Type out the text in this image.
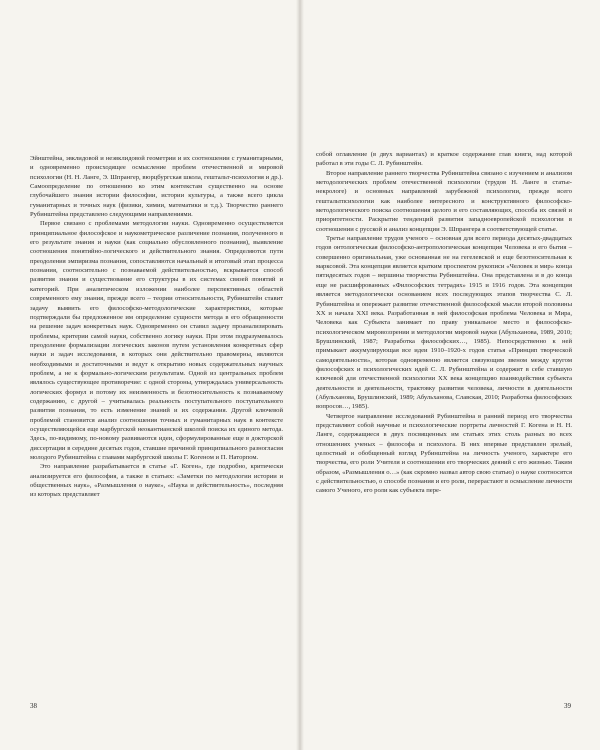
Эйнштейна, эвклидовой и неэвклидовой геометрии и их соотношении с гуманитарными, и одновременно происходящее осмысление проблем отечественной и мировой психологии (Н. Н. Ланге, Э. Шпрангер, вюрцбургская школа, гештальт-психология и др.). Самоопределение по отношению ко этим контекстам существенно на основе глубочайшего знания истории философии, истории культуры, а также всего цикла гуманитарных и точных наук (физики, химии, математики и т.д.). Творчество раннего Рубинштейна представлено следующими направлениями.

Первое связано с проблемами методологии науки. Одновременно осуществляется принципиальное философское и наукометрическое различение познания, полученного в его результате знания и науки (как социально обусловленного познания), выявление соотношения понятийно-логического и действительного знания. Определяются пути преодоления эмпиризма познания, сопоставляются начальный и итоговый этап процесса познания, соотносительно с познаваемой действительностью, вскрывается способ развития знания и существование его структуры в их системах связей понятий и категорий. При аналитическом изложении наиболее перспективных областей современного ему знания, прежде всего – теории относительности, Рубинштейн ставит задачу выявить его философско-методологические характеристики, которые подтверждали бы предложенное им определение сущности метода в его обращенности на решение задач конкретных наук. Одновременно он ставил задачу проанализировать проблемы, критерии самой науки, собственно логику науки. При этом подразумевалось преодоление формализации логических законов путем установления конкретных сфер науки и задач исследования, в которых они действительно правомерны, являются необходимыми и достаточными и ведут к открытию новых содержательных научных проблем, а не к формально-логическим результатам. Одной из центральных проблем являлось существующее противоречие: с одной стороны, утверждалась универсальность логических формул и потому их неизменность и безотносительность к познаваемому содержанию, с другой – учитывалась реальность поступательного поступательного развития познания, то есть изменение знаний и их содержания. Другой ключевой проблемой становится анализ соотношения точных и гуманитарных наук в контексте осуществляющейся еще марбургской неокантианской школой поиска их единого метода. Здесь, по-видимому, по-новому развиваются идеи, сформулированные еще в докторской диссертации в середине десятых годов, ставшие причиной принципиального разногласия молодого Рубинштейна с главами марбургской школы Г. Когеном и П. Наторпом.

Это направление разрабатывается в статье «Г. Коген», где подробно, критически анализируется его философия, а также в статьях: «Заметки по методологии истории и общественных наук», «Размышления о науке», «Наука и действительность», последняя из которых представляет

38

собой оглавление (в двух вариантах) и краткое содержание глав книги, над которой работал в эти годы С. Л. Рубинштейн.

Второе направление раннего творчества Рубинштейна связано с изучением и анализом методологических проблем отечественной психологии (трудов Н. Ланге в статье-некрологе) и основных направлений зарубежной психологии, прежде всего гештальтпсихологии как наиболее интересного и конструктивного философско-методологического поиска соотношения целого и его составляющих, способа их связей и приоритетности. Раскрытие тенденций развития западноевропейской психологии в соотношении с русской и анализ концепции Э. Шпрангера в соответствующей статье.

Третье направление трудов ученого – основная для всего периода десятых-двадцатых годов онтологическая философско-антропологическая концепция Человека и его бытия – совершенно оригинальная, уже основанная не на гегелевской и еще безотносительная к марксовой. Эта концепция является кратким проспектом рукописи «Человек и мир» конца пятидесятых годов – вершины творчества Рубинштейна. Она представлена и в до конца еще не расшифрованных «Философских тетрадях» 1915 и 1916 годов. Эта концепция является методологически основанием всех последующих этапов творчества С. Л. Рубинштейна и опережает развитие отечественной философской мысли второй половины ХХ и начала XXI века. Разработанная в ней философская проблема Человека и Мира, Человека как Субъекта занимает по праву уникальное место в философско-психологическом мировоззрении и методологии мировой науки (Абульханова, 1989, 2010; Брушлинский, 1987; Разработка философских…, 1985). Непосредственно к ней примыкает аккумулирующая все идеи 1910–1920-х годов статья «Принцип творческой самодеятельности», которая одновременно является связующим звеном между кругом философских и психологических идей С. Л. Рубинштейна и содержит в себе ставшую ключевой для отечественной психологии ХХ века концепцию взаимодействия субъекта деятельности и деятельности, трактовку развития человека, личности в деятельности (Абульханова, Брушлинский, 1989; Абульханова, Славская, 2010; Разработка философских вопросов…, 1985).

Четвертое направление исследований Рубинштейна в ранний период его творчества представляют собой научные и психологические портреты личностей Г. Когена и Н. Н. Ланге, содержащиеся в двух посвященных им статьях этих столь разных во всех отношениях ученых – философа и психолога. В них впервые представлен зрелый, целостный и обобщенный взгляд Рубинштейна на личность ученого, характере его творчества, его роли Учителя и соотношении его творческих деяний с его жизнью. Таким образом, «Размышления о…» (как скромно назвал автор свою статью) о науке соотносятся с действительностью, о способе познания и его роли, перерастают в осмысление личности самого Ученого, его роли как субъекта пере-

39
